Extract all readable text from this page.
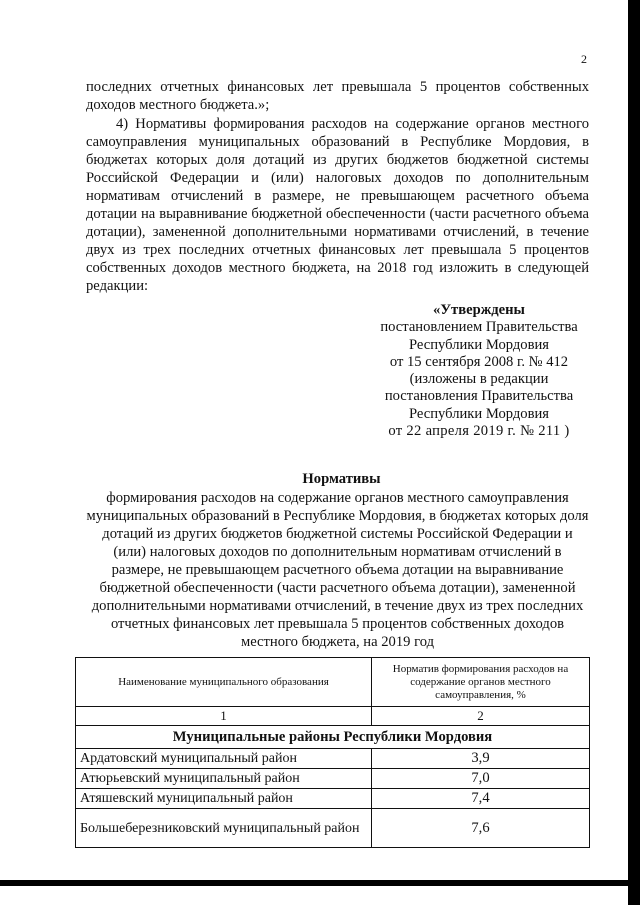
2

последних отчетных финансовых лет превышала 5 процентов собственных доходов местного бюджета.»;

4) Нормативы формирования расходов на содержание органов местного самоуправления муниципальных образований в Республике Мордовия, в бюджетах которых доля дотаций из других бюджетов бюджетной системы Российской Федерации и (или) налоговых доходов по дополнительным нормативам отчислений в размере, не превышающем расчетного объема дотации на выравнивание бюджетной обеспеченности (части расчетного объема дотации), замененной дополнительными нормативами отчислений, в течение двух из трех последних отчетных финансовых лет превышала 5 процентов собственных доходов местного бюджета, на 2018 год изложить в следующей редакции:

«Утверждены
постановлением Правительства
Республики Мордовия
от 15 сентября 2008 г. № 412
(изложены в редакции
постановления Правительства
Республики Мордовия
от 22 апреля 2019 г. № 211 )

Нормативы

формирования расходов на содержание органов местного самоуправления муниципальных образований в Республике Мордовия, в бюджетах которых доля дотаций из других бюджетов бюджетной системы Российской Федерации и (или) налоговых доходов по дополнительным нормативам отчислений в размере, не превышающем расчетного объема дотации на выравнивание бюджетной обеспеченности (части расчетного объема дотации), замененной дополнительными нормативами отчислений, в течение двух из трех последних отчетных финансовых лет превышала 5 процентов собственных доходов местного бюджета, на 2019 год

Наименование муниципального образования	Норматив формирования расходов на содержание органов местного самоуправления, %
1	2
Муниципальные районы Республики Мордовия	
Ардатовский муниципальный район	3,9
Атюрьевский муниципальный район	7,0
Атяшевский муниципальный район	7,4
Большеберезниковский муниципальный район	7,6
